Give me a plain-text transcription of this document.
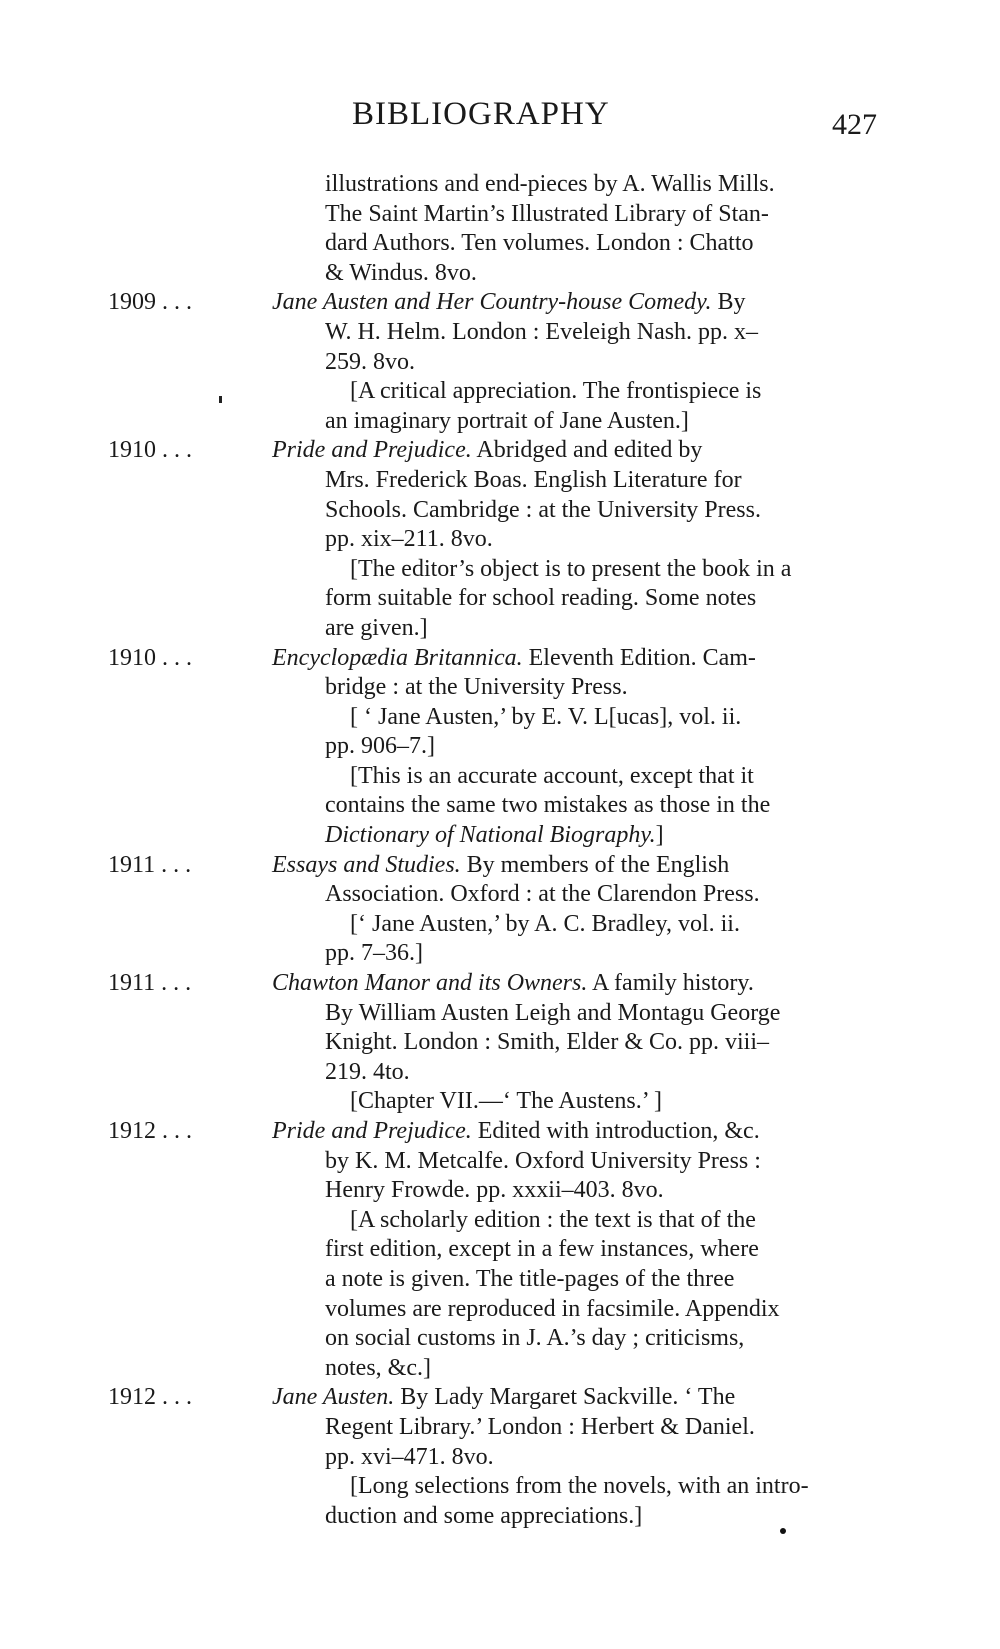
BIBLIOGRAPHY	427
illustrations and end-pieces by A. Wallis Mills.
The Saint Martin’s Illustrated Library of Stan-
dard Authors. Ten volumes. London : Chatto
& Windus. 8vo.
1909 . . .	Jane Austen and Her Country-house Comedy. By
W. H. Helm. London : Eveleigh Nash. pp. x–
259. 8vo.
[A critical appreciation. The frontispiece is
an imaginary portrait of Jane Austen.]
1910 . . .	Pride and Prejudice. Abridged and edited by
Mrs. Frederick Boas. English Literature for
Schools. Cambridge : at the University Press.
pp. xix–211. 8vo.
[The editor’s object is to present the book in a
form suitable for school reading. Some notes
are given.]
1910 . . .	Encyclopædia Britannica. Eleventh Edition. Cam-
bridge : at the University Press.
[ ‘ Jane Austen,’ by E. V. L[ucas], vol. ii.
pp. 906–7.]
[This is an accurate account, except that it
contains the same two mistakes as those in the
Dictionary of National Biography.]
1911 . . .	Essays and Studies. By members of the English
Association. Oxford : at the Clarendon Press.
[‘ Jane Austen,’ by A. C. Bradley, vol. ii.
pp. 7–36.]
1911 . . .	Chawton Manor and its Owners. A family history.
By William Austen Leigh and Montagu George
Knight. London : Smith, Elder & Co. pp. viii–
219. 4to.
[Chapter VII.—‘ The Austens.’ ]
1912 . . .	Pride and Prejudice. Edited with introduction, &c.
by K. M. Metcalfe. Oxford University Press :
Henry Frowde. pp. xxxii–403. 8vo.
[A scholarly edition : the text is that of the
first edition, except in a few instances, where
a note is given. The title-pages of the three
volumes are reproduced in facsimile. Appendix
on social customs in J. A.’s day ; criticisms,
notes, &c.]
1912 . . .	Jane Austen. By Lady Margaret Sackville. ‘ The
Regent Library.’ London : Herbert & Daniel.
pp. xvi–471. 8vo.
[Long selections from the novels, with an intro-
duction and some appreciations.]
